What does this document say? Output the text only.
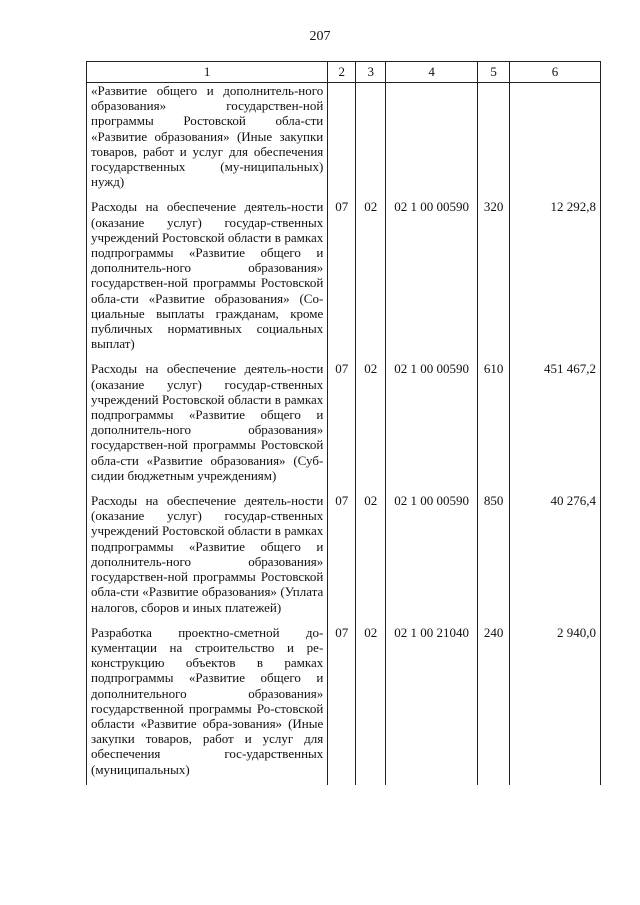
207
1	2	3	4	5	6
«Развитие общего и дополнитель-ного образования» государствен-ной программы Ростовской обла-сти «Развитие образования» (Иные закупки товаров, работ и услуг для обеспечения государственных (му-ниципальных) нужд)					
Расходы на обеспечение деятель-ности (оказание услуг) государ-ственных учреждений Ростовской области в рамках подпрограммы «Развитие общего и дополнитель-ного образования» государствен-ной программы Ростовской обла-сти «Развитие образования» (Со-циальные выплаты гражданам, кроме публичных нормативных социальных выплат)	07	02	02 1 00 00590	320	12 292,8
Расходы на обеспечение деятель-ности (оказание услуг) государ-ственных учреждений Ростовской области в рамках подпрограммы «Развитие общего и дополнитель-ного образования» государствен-ной программы Ростовской обла-сти «Развитие образования» (Суб-сидии бюджетным учреждениям)	07	02	02 1 00 00590	610	451 467,2
Расходы на обеспечение деятель-ности (оказание услуг) государ-ственных учреждений Ростовской области в рамках подпрограммы «Развитие общего и дополнитель-ного образования» государствен-ной программы Ростовской обла-сти «Развитие образования» (Уплата налогов, сборов и иных платежей)	07	02	02 1 00 00590	850	40 276,4
Разработка проектно-сметной до-кументации на строительство и ре-конструкцию объектов в рамках подпрограммы «Развитие общего и дополнительного образования» государственной программы Ро-стовской области «Развитие обра-зования» (Иные закупки товаров, работ и услуг для обеспечения гос-ударственных (муниципальных)	07	02	02 1 00 21040	240	2 940,0
